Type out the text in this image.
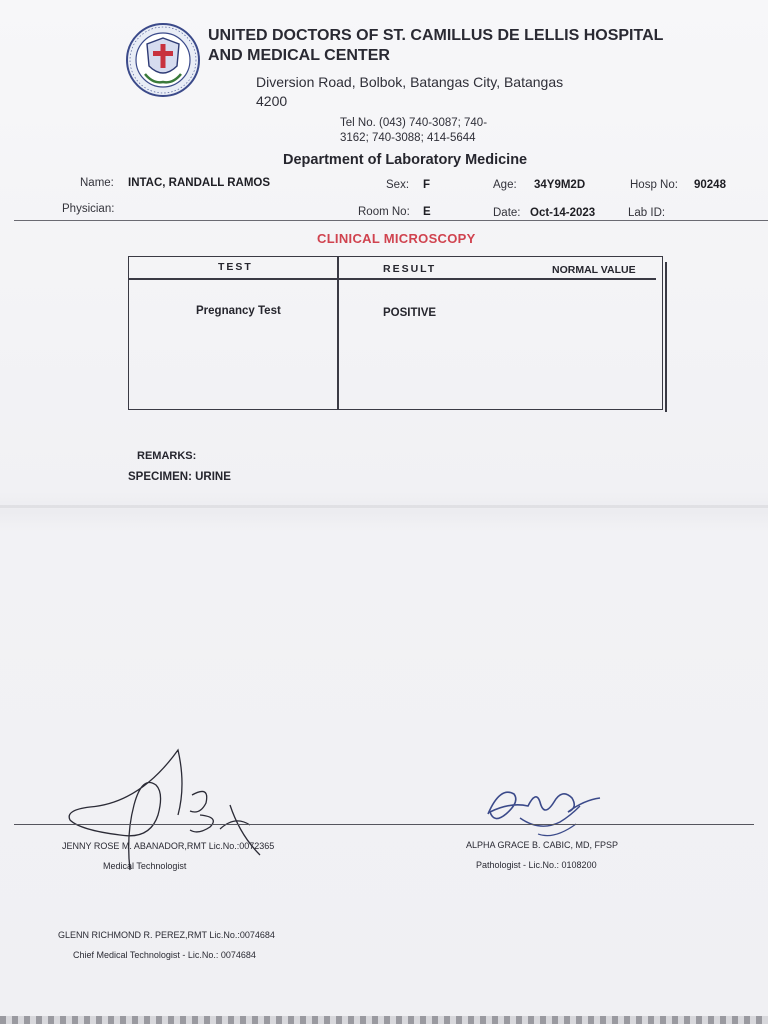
UNITED DOCTORS OF ST. CAMILLUS DE LELLIS HOSPITAL
AND MEDICAL CENTER
Diversion Road, Bolbok, Batangas City, Batangas
4200
Tel No. (043) 740-3087; 740-
3162; 740-3088; 414-5644
Department of Laboratory Medicine
Name: INTAC, RANDALL RAMOS	Sex: F	Age: 34Y9M2D	Hosp No: 90248
Physician:	Room No: E	Date: Oct-14-2023	Lab ID:
CLINICAL MICROSCOPY
TEST	RESULT	NORMAL VALUE
Pregnancy Test	POSITIVE
REMARKS:
SPECIMEN: URINE
JENNY ROSE M. ABANADOR,RMT Lic.No.:0072365
Medical Technologist
ALPHA GRACE B. CABIC, MD, FPSP
Pathologist - Lic.No.: 0108200
GLENN RICHMOND R. PEREZ,RMT Lic.No.:0074684
Chief Medical Technologist - Lic.No.: 0074684
